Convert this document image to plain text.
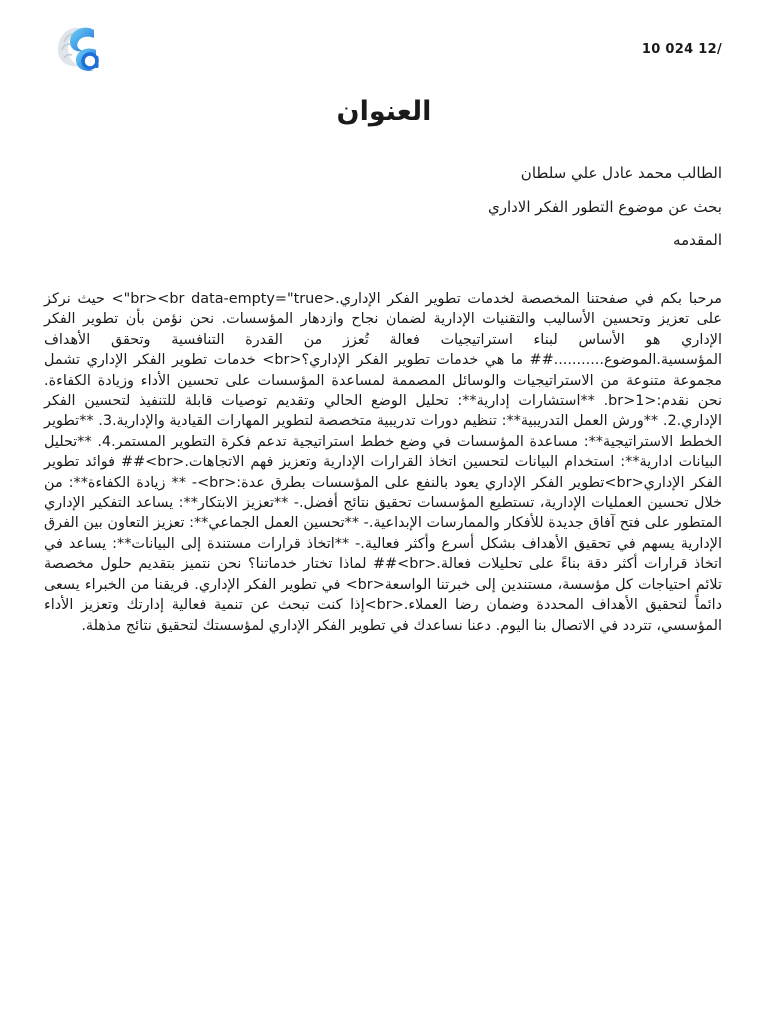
10 024 12/
العنوان
الطالب محمد عادل علي سلطان
بحث عن موضوع التطور الفكر الاداري
المقدمه
مرحبا بكم في صفحتنا المخصصة لخدمات تطوير الفكر الإداري.<br><br data-empty="true"> حيث نركز على تعزيز وتحسين الأساليب والتقنيات الإدارية لضمان نجاح وازدهار المؤسسات. نحن نؤمن بأن تطوير الفكر الإداري هو الأساس لبناء استراتيجيات فعالة تُعزز من القدرة التنافسية وتحقق الأهداف المؤسسية.الموضوع...........## ما هي خدمات تطوير الفكر الإداري؟<br> خدمات تطوير الفكر الإداري تشمل مجموعة متنوعة من الاستراتيجيات والوسائل المصممة لمساعدة المؤسسات على تحسين الأداء وزيادة الكفاءة. نحن نقدم:<br>1. **استشارات إدارية**: تحليل الوضع الحالي وتقديم توصيات قابلة للتنفيذ لتحسين الفكر الإداري.2. **ورش العمل التدريبية**: تنظيم دورات تدريبية متخصصة لتطوير المهارات القيادية والإدارية.3. **تطوير الخطط الاستراتيجية**: مساعدة المؤسسات في وضع خطط استراتيجية تدعم فكرة التطوير المستمر.4. **تحليل البيانات ادارية**: استخدام البيانات لتحسين اتخاذ القرارات الإدارية وتعزيز فهم الاتجاهات.<br>## فوائد تطوير الفكر الإداري<br>تطوير الفكر الإداري يعود بالنفع على المؤسسات بطرق عدة:<br>- ** زيادة الكفاءة**: من خلال تحسين العمليات الإدارية، تستطيع المؤسسات تحقيق نتائج أفضل.- **تعزيز الابتكار**: يساعد التفكير الإداري المتطور على فتح آفاق جديدة للأفكار والممارسات الإبداعية.- **تحسين العمل الجماعي**: تعزيز التعاون بين الفرق الإدارية يسهم في تحقيق الأهداف بشكل أسرع وأكثر فعالية.- **اتخاذ قرارات مستندة إلى البيانات**: يساعد في اتخاذ قرارات أكثر دقة بناءً على تحليلات فعالة.<br>## لماذا تختار خدماتنا؟ نحن نتميز بتقديم حلول مخصصة تلائم احتياجات كل مؤسسة، مستندين إلى خبرتنا الواسعة<br> في تطوير الفكر الإداري. فريقنا من الخبراء يسعى دائماً لتحقيق الأهداف المحددة وضمان رضا العملاء.<br>إذا كنت تبحث عن تنمية فعالية إدارتك وتعزيز الأداء المؤسسي، تتردد في الاتصال بنا اليوم. دعنا نساعدك في تطوير الفكر الإداري لمؤسستك لتحقيق نتائج مذهلة.
